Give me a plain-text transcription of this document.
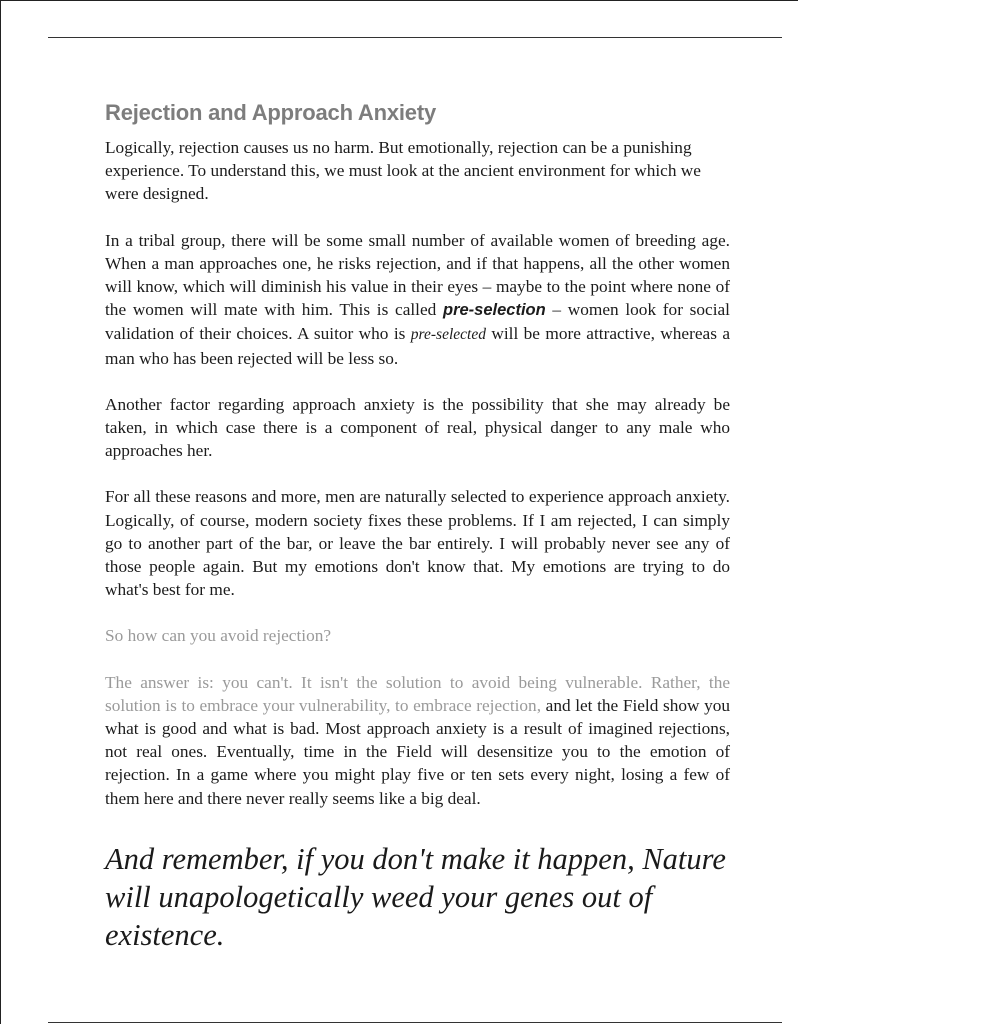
Rejection and Approach Anxiety

Logically, rejection causes us no harm. But emotionally, rejection can be a punishing experience. To understand this, we must look at the ancient environment for which we were designed.

In a tribal group, there will be some small number of available women of breeding age. When a man approaches one, he risks rejection, and if that happens, all the other women will know, which will diminish his value in their eyes – maybe to the point where none of the women will mate with him. This is called pre-selection – women look for social validation of their choices. A suitor who is pre-selected will be more attractive, whereas a man who has been rejected will be less so.

Another factor regarding approach anxiety is the possibility that she may already be taken, in which case there is a component of real, physical danger to any male who approaches her.

For all these reasons and more, men are naturally selected to experience approach anxiety. Logically, of course, modern society fixes these problems. If I am rejected, I can simply go to another part of the bar, or leave the bar entirely. I will probably never see any of those people again. But my emotions don't know that. My emotions are trying to do what's best for me.

So how can you avoid rejection?

The answer is: you can't. It isn't the solution to avoid being vulnerable. Rather, the solution is to embrace your vulnerability, to embrace rejection, and let the Field show you what is good and what is bad. Most approach anxiety is a result of imagined rejections, not real ones. Eventually, time in the Field will desensitize you to the emotion of rejection. In a game where you might play five or ten sets every night, losing a few of them here and there never really seems like a big deal.

And remember, if you don't make it happen, Nature will unapologetically weed your genes out of existence.
